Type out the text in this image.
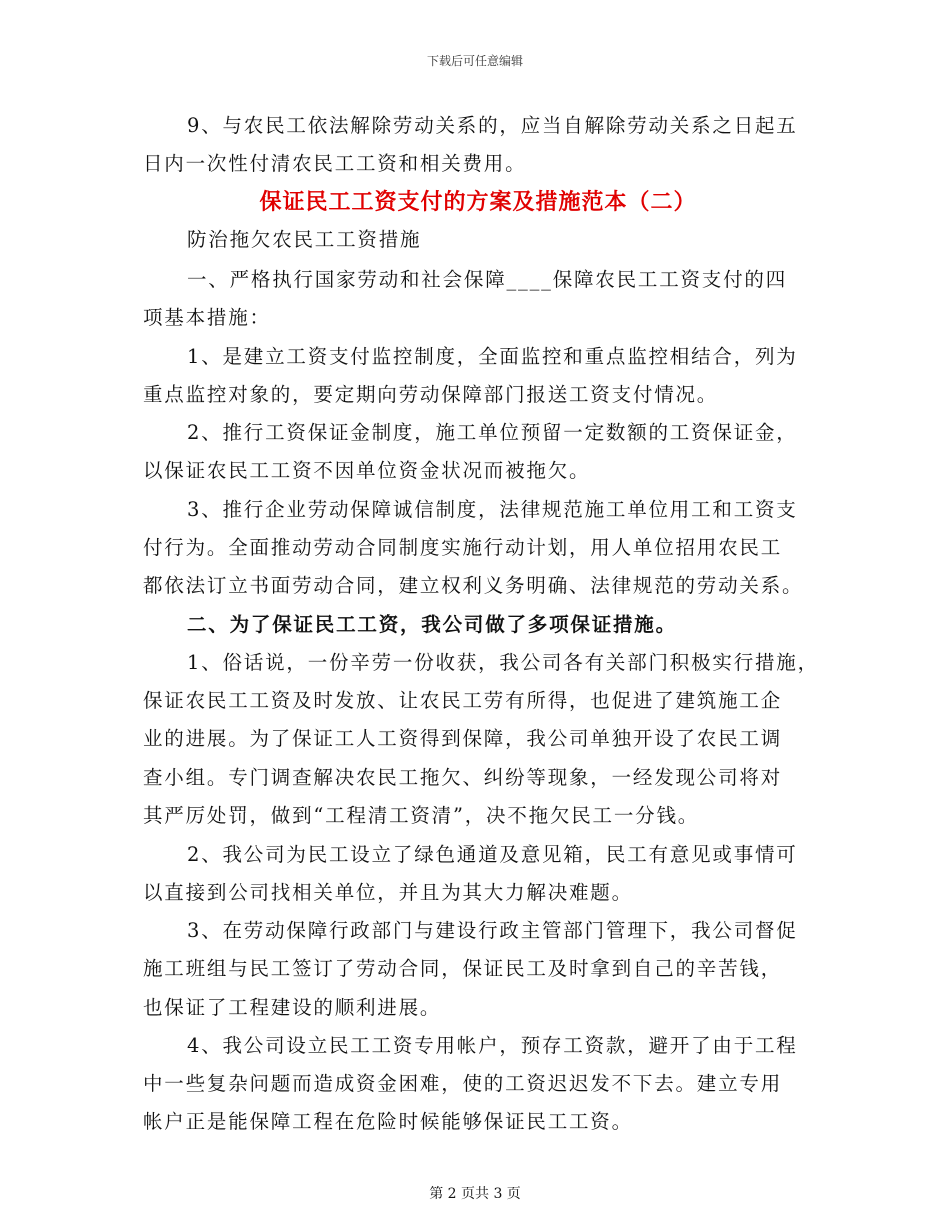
下载后可任意编辑
9、与农民工依法解除劳动关系的，应当自解除劳动关系之日起五
日内一次性付清农民工工资和相关费用。
保证民工工资支付的方案及措施范本（二）
防治拖欠农民工工资措施
一、严格执行国家劳动和社会保障____保障农民工工资支付的四
项基本措施：
1、是建立工资支付监控制度，全面监控和重点监控相结合，列为
重点监控对象的，要定期向劳动保障部门报送工资支付情况。
2、推行工资保证金制度，施工单位预留一定数额的工资保证金，
以保证农民工工资不因单位资金状况而被拖欠。
3、推行企业劳动保障诚信制度，法律规范施工单位用工和工资支
付行为。全面推动劳动合同制度实施行动计划，用人单位招用农民工
都依法订立书面劳动合同，建立权利义务明确、法律规范的劳动关系。
二、为了保证民工工资，我公司做了多项保证措施。
1、俗话说，一份辛劳一份收获，我公司各有关部门积极实行措施，
保证农民工工资及时发放、让农民工劳有所得，也促进了建筑施工企
业的进展。为了保证工人工资得到保障，我公司单独开设了农民工调
查小组。专门调查解决农民工拖欠、纠纷等现象，一经发现公司将对
其严厉处罚，做到“工程清工资清”，决不拖欠民工一分钱。
2、我公司为民工设立了绿色通道及意见箱，民工有意见或事情可
以直接到公司找相关单位，并且为其大力解决难题。
3、在劳动保障行政部门与建设行政主管部门管理下，我公司督促
施工班组与民工签订了劳动合同，保证民工及时拿到自己的辛苦钱，
也保证了工程建设的顺利进展。
4、我公司设立民工工资专用帐户，预存工资款，避开了由于工程
中一些复杂问题而造成资金困难，使的工资迟迟发不下去。建立专用
帐户正是能保障工程在危险时候能够保证民工工资。
第 2 页共 3 页
